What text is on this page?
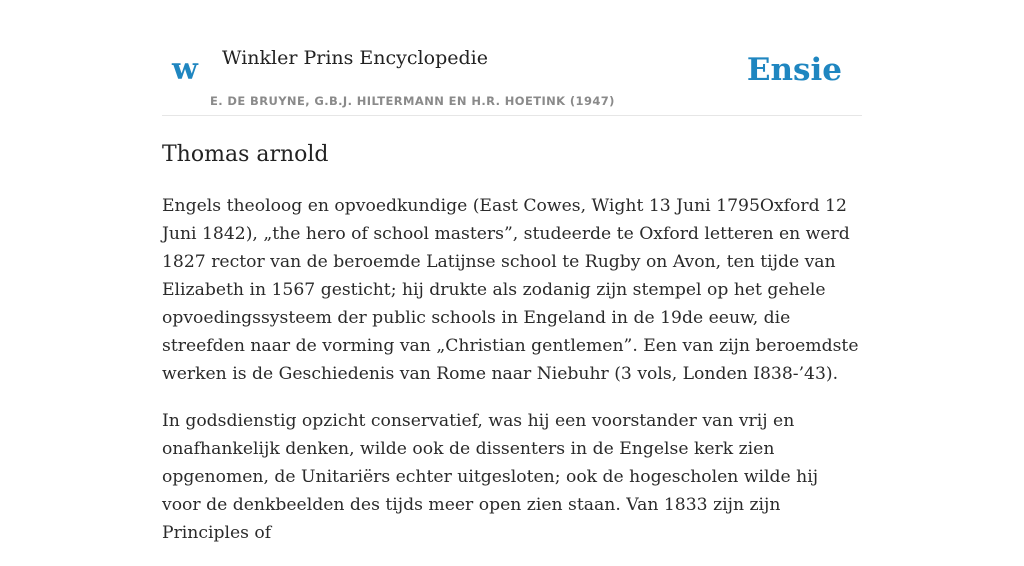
w Winkler Prins Encyclopedie
E. DE BRUYNE, G.B.J. HILTERMANN EN H.R. HOETINK (1947)
Ensie
Thomas arnold

Engels theoloog en opvoedkundige (East Cowes, Wight 13 Juni 1795Oxford 12 Juni 1842), „the hero of school masters”, studeerde te Oxford letteren en werd 1827 rector van de beroemde Latijnse school te Rugby on Avon, ten tijde van Elizabeth in 1567 gesticht; hij drukte als zodanig zijn stempel op het gehele opvoedingssysteem der public schools in Engeland in de 19de eeuw, die streefden naar de vorming van „Christian gentlemen”. Een van zijn beroemdste werken is de Geschiedenis van Rome naar Niebuhr (3 vols, Londen I838-’43).

In godsdienstig opzicht conservatief, was hij een voorstander van vrij en onafhankelijk denken, wilde ook de dissenters in de Engelse kerk zien opgenomen, de Unitariërs echter uitgesloten; ook de hogescholen wilde hij voor de denkbeelden des tijds meer open zien staan. Van 1833 zijn zijn Principles of
